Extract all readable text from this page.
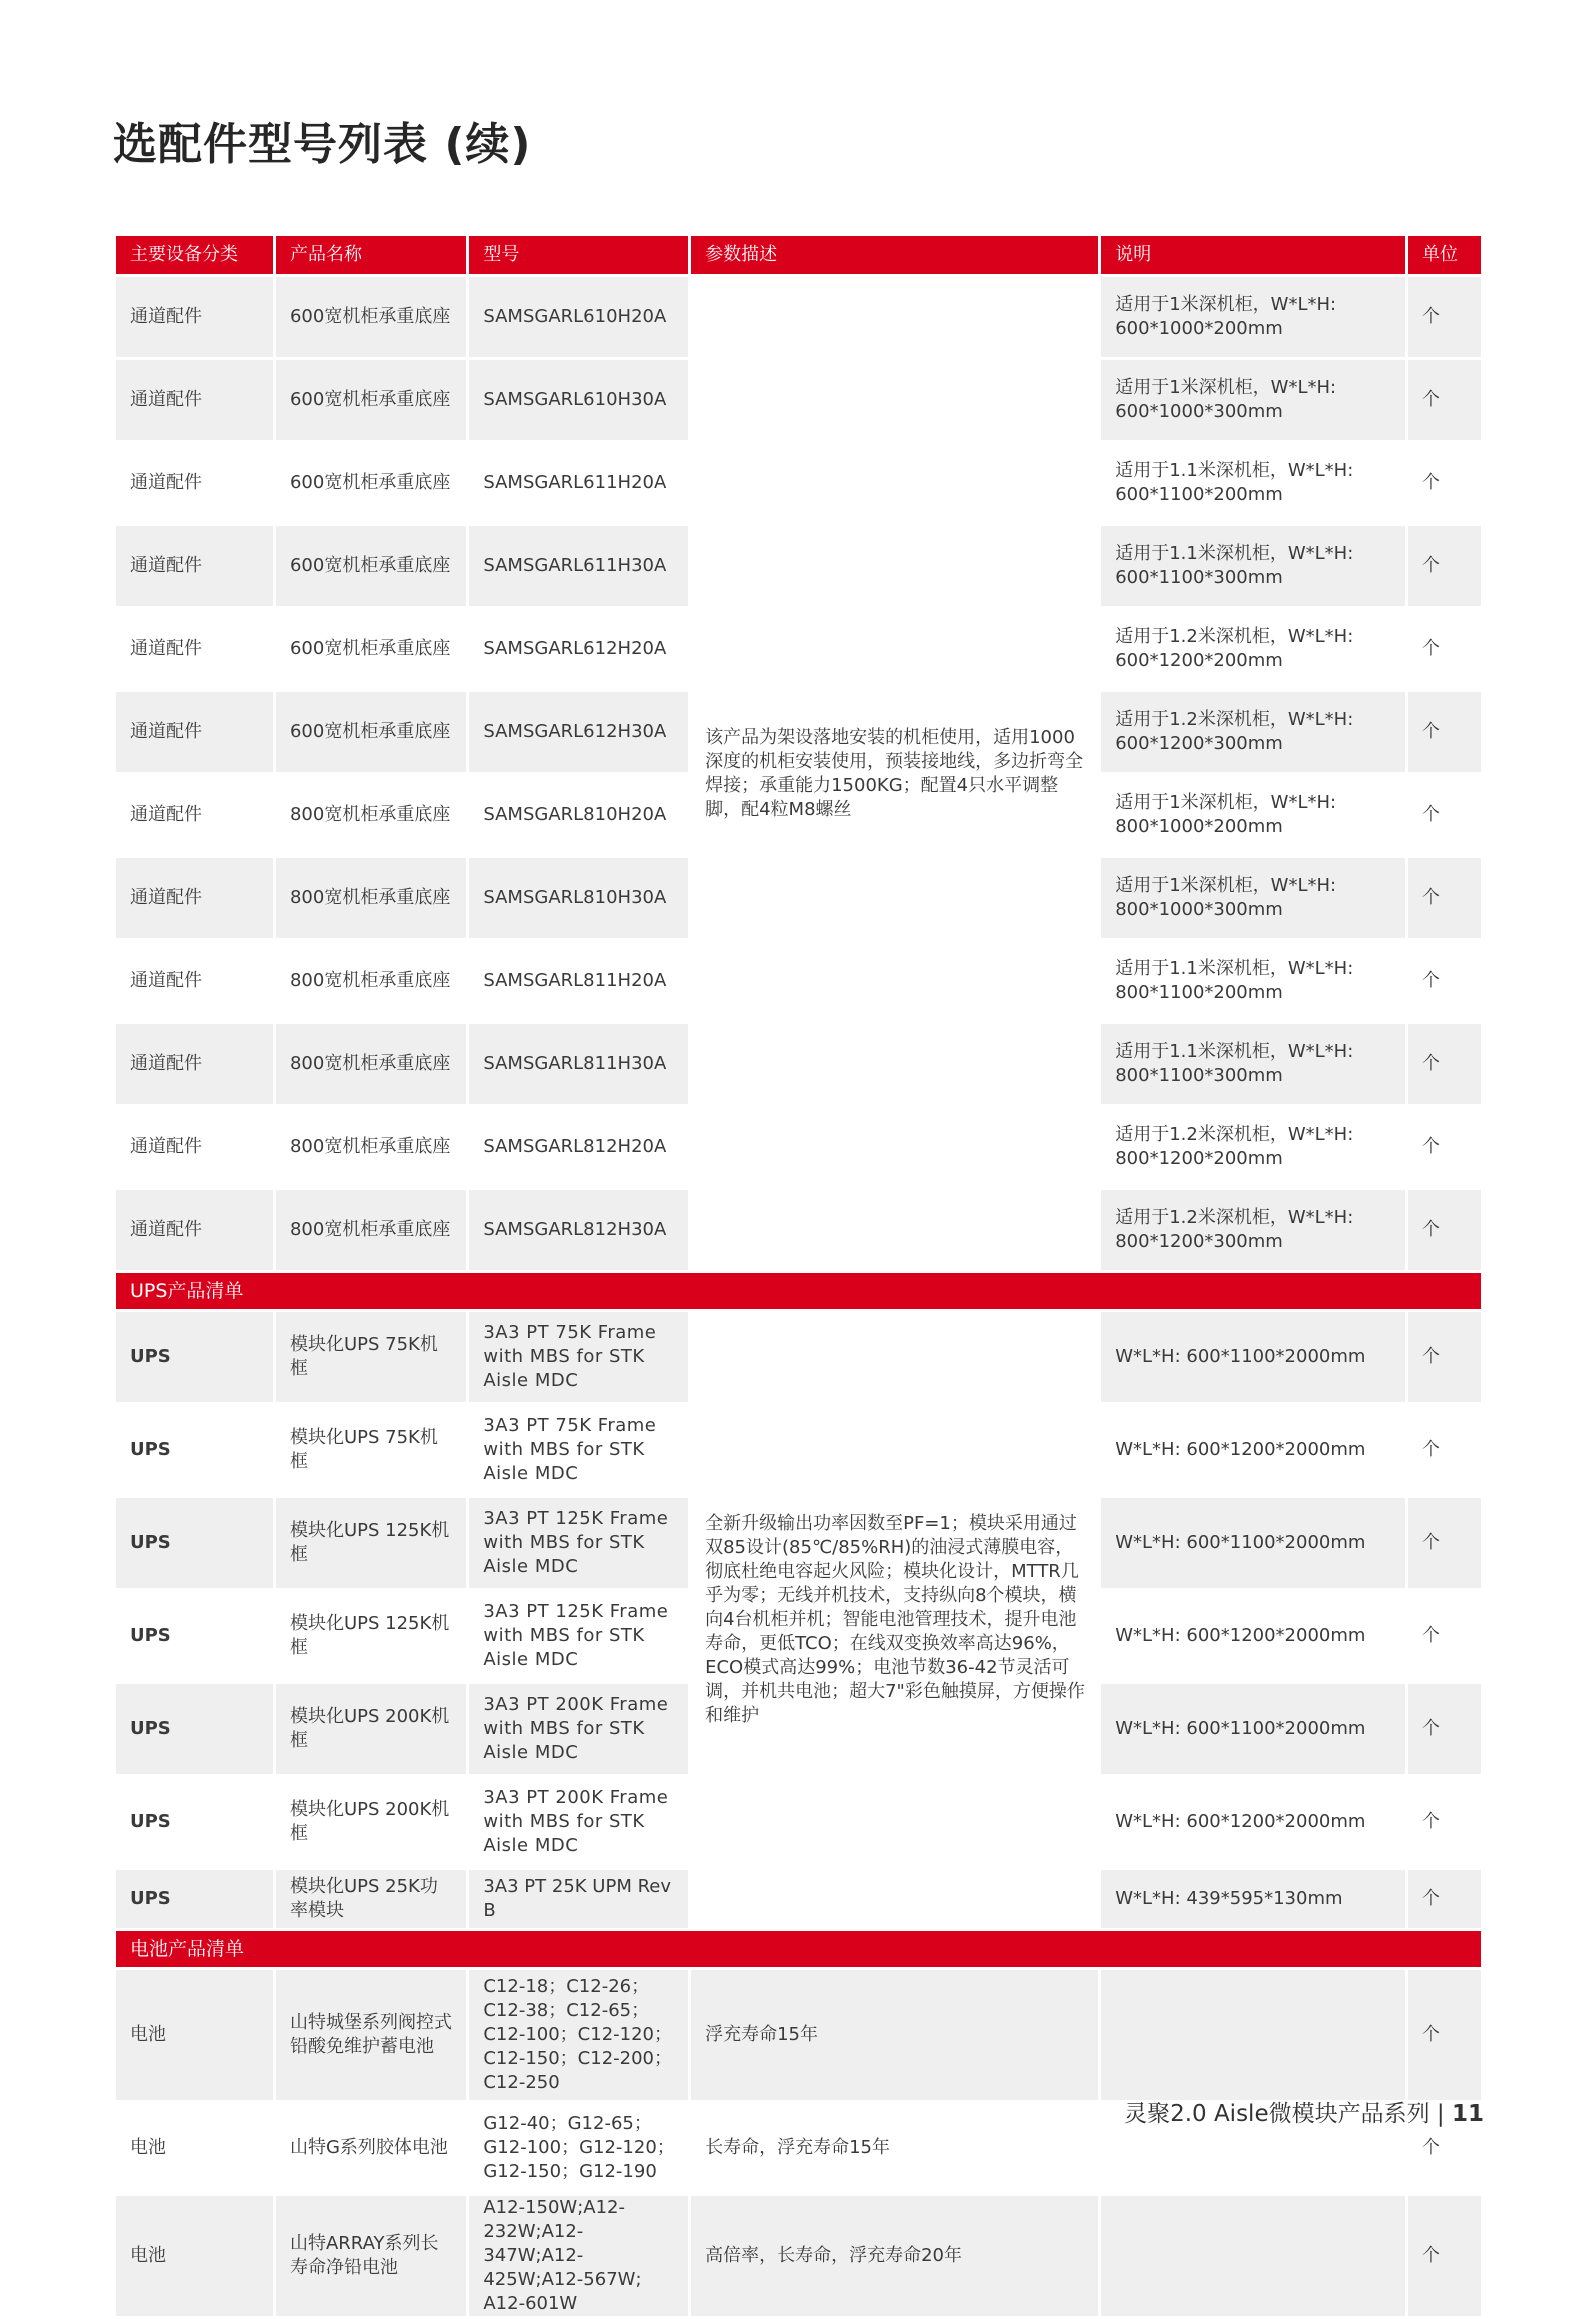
选配件型号列表 (续)
主要设备分类	产品名称	型号	参数描述	说明	单位
通道配件	600宽机柜承重底座	SAMSGARL610H20A	该产品为架设落地安装的机柜使用，适用1000深度的机柜安装使用，预装接地线，多边折弯全焊接；承重能力1500KG；配置4只水平调整脚，配4粒M8螺丝	适用于1米深机柜，W*L*H: 600*1000*200mm	个
通道配件	600宽机柜承重底座	SAMSGARL610H30A		适用于1米深机柜，W*L*H: 600*1000*300mm	个
通道配件	600宽机柜承重底座	SAMSGARL611H20A		适用于1.1米深机柜，W*L*H: 600*1100*200mm	个
通道配件	600宽机柜承重底座	SAMSGARL611H30A		适用于1.1米深机柜，W*L*H: 600*1100*300mm	个
通道配件	600宽机柜承重底座	SAMSGARL612H20A		适用于1.2米深机柜，W*L*H: 600*1200*200mm	个
通道配件	600宽机柜承重底座	SAMSGARL612H30A		适用于1.2米深机柜，W*L*H: 600*1200*300mm	个
通道配件	800宽机柜承重底座	SAMSGARL810H20A		适用于1米深机柜，W*L*H: 800*1000*200mm	个
通道配件	800宽机柜承重底座	SAMSGARL810H30A		适用于1米深机柜，W*L*H: 800*1000*300mm	个
通道配件	800宽机柜承重底座	SAMSGARL811H20A		适用于1.1米深机柜，W*L*H: 800*1100*200mm	个
通道配件	800宽机柜承重底座	SAMSGARL811H30A		适用于1.1米深机柜，W*L*H: 800*1100*300mm	个
通道配件	800宽机柜承重底座	SAMSGARL812H20A		适用于1.2米深机柜，W*L*H: 800*1200*200mm	个
通道配件	800宽机柜承重底座	SAMSGARL812H30A		适用于1.2米深机柜，W*L*H: 800*1200*300mm	个
UPS产品清单					
UPS	模块化UPS 75K机框	3A3 PT 75K Frame with MBS for STK Aisle MDC	全新升级输出功率因数至PF=1；模块采用通过双85设计(85℃/85%RH)的油浸式薄膜电容，彻底杜绝电容起火风险；模块化设计，MTTR几乎为零；无线并机技术，支持纵向8个模块，横向4台机柜并机；智能电池管理技术，提升电池寿命，更低TCO；在线双变换效率高达96%，ECO模式高达99%；电池节数36-42节灵活可调，并机共电池；超大7"彩色触摸屏，方便操作和维护	W*L*H: 600*1100*2000mm	个
UPS	模块化UPS 75K机框	3A3 PT 75K Frame with MBS for STK Aisle MDC		W*L*H: 600*1200*2000mm	个
UPS	模块化UPS 125K机框	3A3 PT 125K Frame with MBS for STK Aisle MDC		W*L*H: 600*1100*2000mm	个
UPS	模块化UPS 125K机框	3A3 PT 125K Frame with MBS for STK Aisle MDC		W*L*H: 600*1200*2000mm	个
UPS	模块化UPS 200K机框	3A3 PT 200K Frame with MBS for STK Aisle MDC		W*L*H: 600*1100*2000mm	个
UPS	模块化UPS 200K机框	3A3 PT 200K Frame with MBS for STK Aisle MDC		W*L*H: 600*1200*2000mm	个
UPS	模块化UPS 25K功率模块	3A3 PT 25K UPM Rev B		W*L*H: 439*595*130mm	个
电池产品清单					
电池	山特城堡系列阀控式铅酸免维护蓄电池	C12-18；C12-26；C12-38；C12-65；C12-100；C12-120；C12-150；C12-200；C12-250	浮充寿命15年		个
电池	山特G系列胶体电池	G12-40；G12-65；G12-100；G12-120；G12-150；G12-190	长寿命，浮充寿命15年		个
电池	山特ARRAY系列长寿命净铅电池	A12-150W;A12-232W;A12-347W;A12-425W;A12-567W; A12-601W	高倍率，长寿命，浮充寿命20年		个
灵聚2.0 Aisle微模块产品系列 | 11
